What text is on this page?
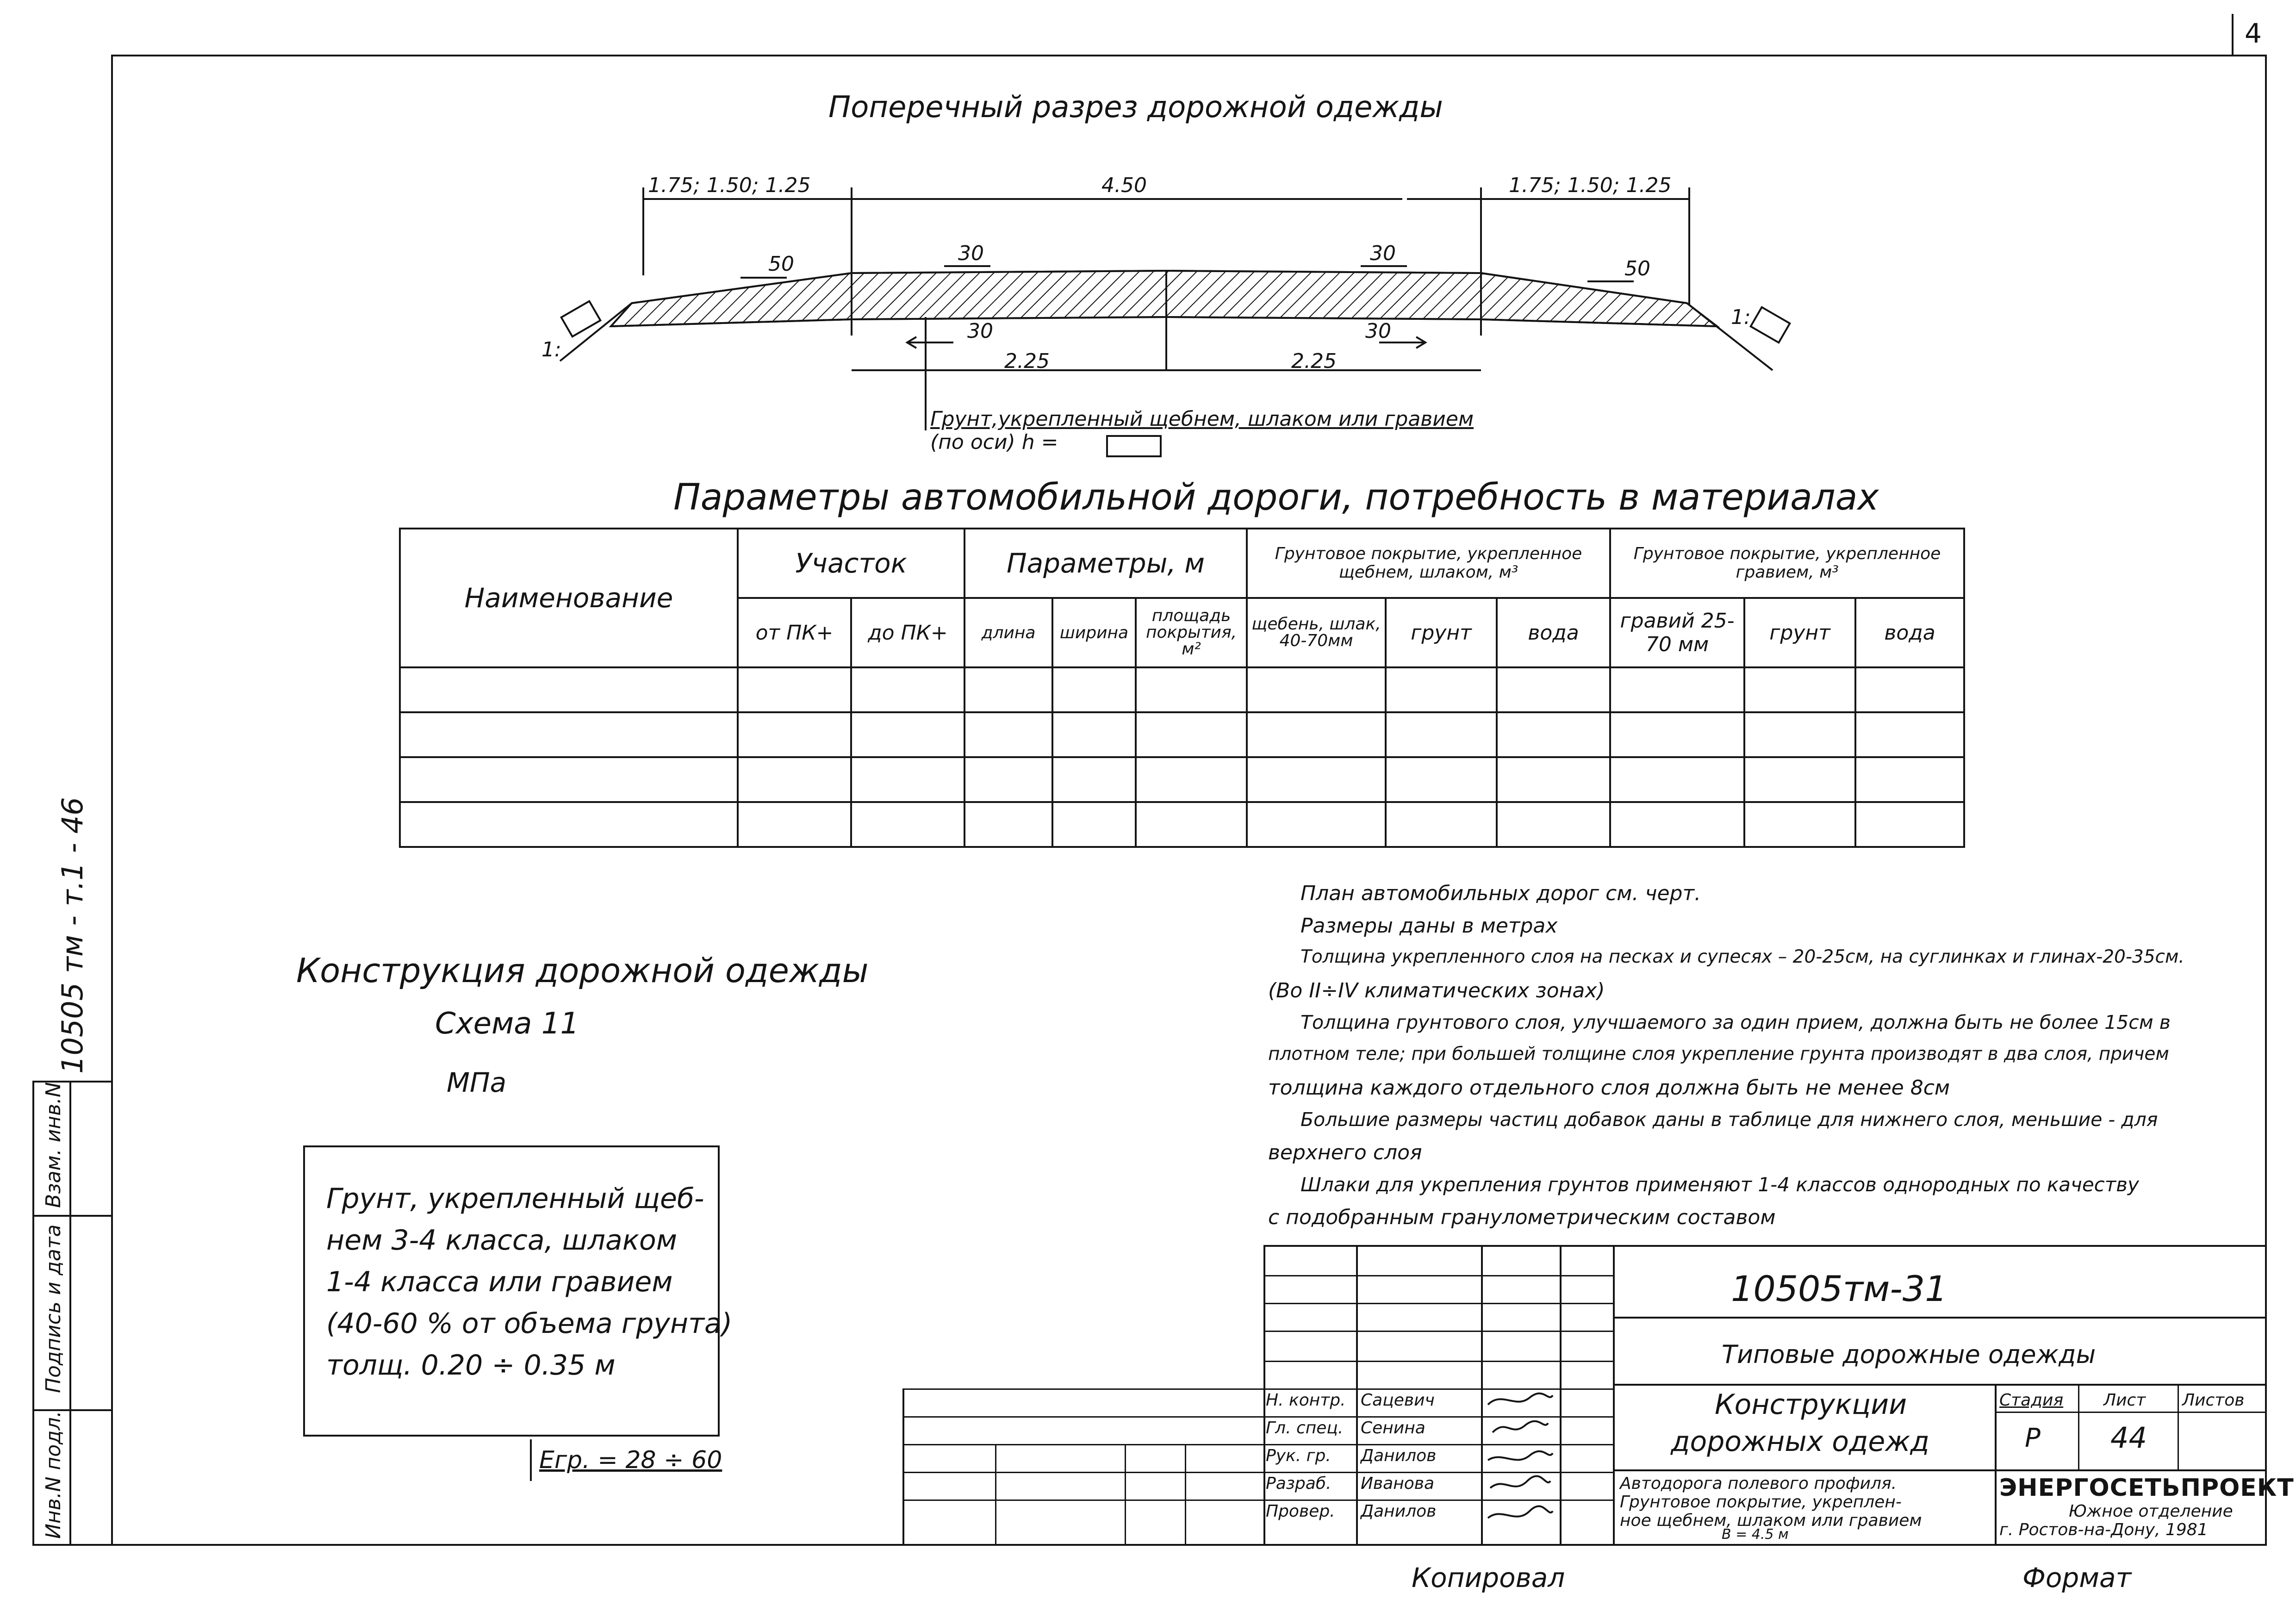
4
Поперечный разрез дорожной одежды
1.75; 1.50; 1.25	4.50	1.75; 1.50; 1.25
50	30	30
50
30	30
2.25	2.25
1:
1:
Грунт,укрепленный щебнем, шлаком или гравием
(по оси) h =
Параметры автомобильной дороги, потребность в материалах
Наименование	Участок		Параметры, м			Грунтовое покрытие, укрепленное щебнем, шлаком, м³			Грунтовое покрытие, укрепленное гравием, м³		
	от ПК+	до ПК+	длина	ширина	площадь покрытия, м²	щебень, шлак, 40-70мм	грунт	вода	гравий 25-70 мм	грунт	вода

10505 тм - т.1 - 46
Инв.N подл.
Подпись и дата
Взам. инв.N
Конструкция дорожной одежды
Схема 11
МПа
Грунт, укрепленный щеб-
нем 3-4 класса, шлаком
1-4 класса или гравием
(40-60 % от объема грунта)
толщ. 0.20 ÷ 0.35 м
Eгр. = 28 ÷ 60
План автомобильных дорог см. черт.
Размеры даны в метрах
Толщина укрепленного слоя на песках и супесях – 20-25см, на суглинках и глинах-20-35см.
(Во II÷IV климатических зонах)
Толщина грунтового слоя, улучшаемого за один прием, должна быть не более 15см в
плотном теле; при большей толщине слоя укрепление грунта производят в два слоя, причем
толщина каждого отдельного слоя должна быть не менее 8см
Большие размеры частиц добавок даны в таблице для нижнего слоя, меньшие - для
верхнего слоя
Шлаки для укрепления грунтов применяют 1-4 классов однородных по качеству
с подобранным гранулометрическим составом
10505тм-31
Типовые дорожные одежды
Конструкции
дорожных одежд
Стадия Лист Листов
Р 44
Н. контр. Сацевич
Гл. спец. Сенина
Рук. гр. Данилов
Разраб. Иванова
Провер. Данилов
Автодорога полевого профиля.
Грунтовое покрытие, укреплен-
ное щебнем, шлаком или гравием
B = 4.5 м
ЭНЕРГОСЕТЬПРОЕКТ
Южное отделение
г. Ростов-на-Дону, 1981
Копировал	Формат
